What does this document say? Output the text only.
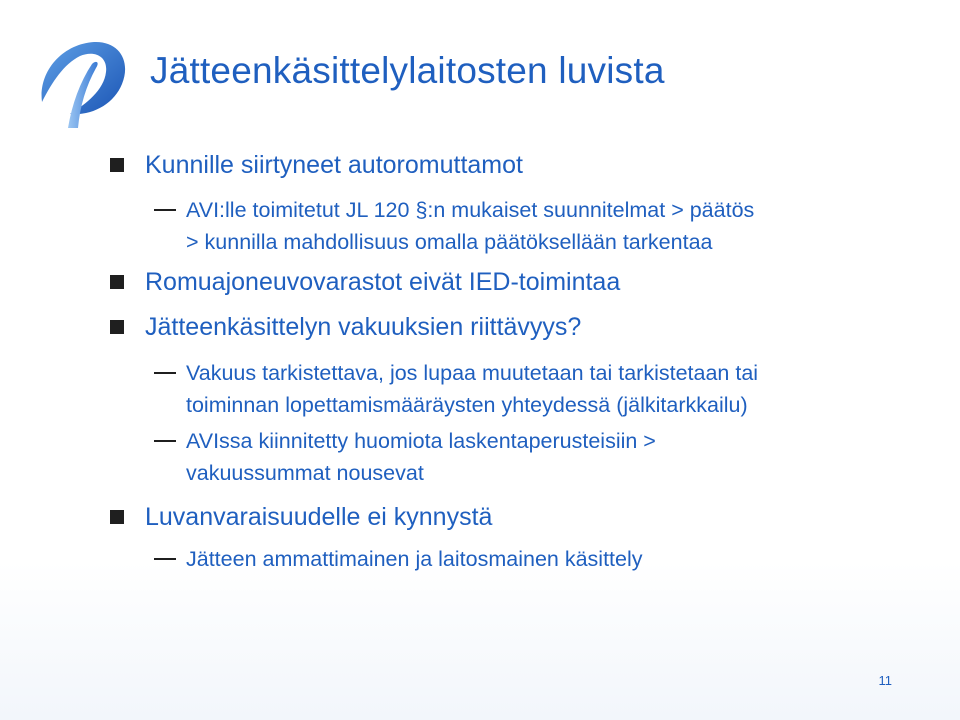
Jätteenkäsittelylaitosten luvista
Kunnille siirtyneet autoromuttamot
AVI:lle toimitetut JL 120 §:n mukaiset suunnitelmat > päätös
> kunnilla mahdollisuus omalla päätöksellään tarkentaa
Romuajoneuvovarastot eivät IED-toimintaa
Jätteenkäsittelyn vakuuksien riittävyys?
Vakuus tarkistettava, jos lupaa muutetaan tai tarkistetaan tai
toiminnan lopettamismääräysten yhteydessä (jälkitarkkailu)
AVIssa kiinnitetty huomiota laskentaperusteisiin >
vakuussummat nousevat
Luvanvaraisuudelle ei kynnystä
Jätteen ammattimainen ja laitosmainen käsittely
11
